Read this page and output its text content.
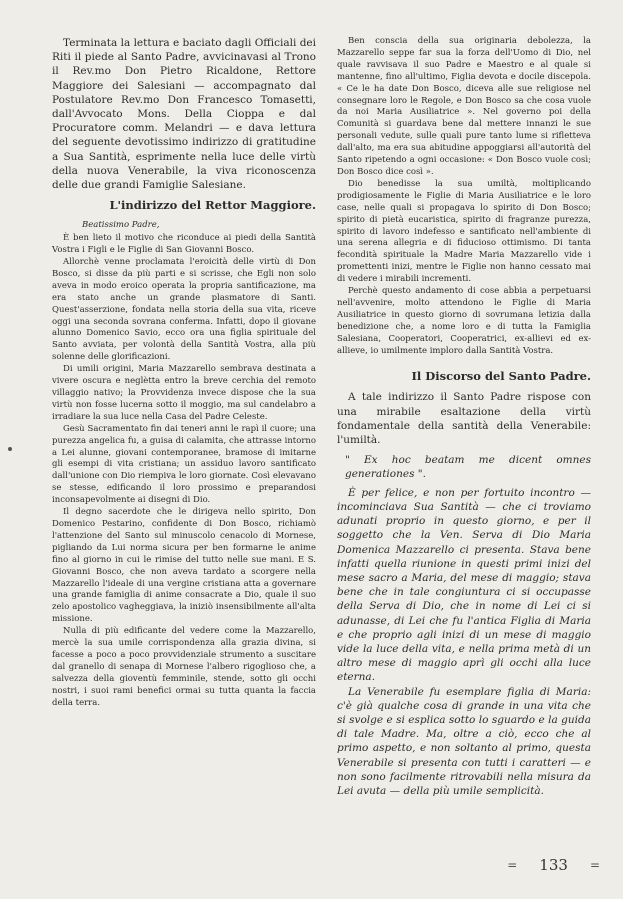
Terminata la lettura e baciato dagli Officiali dei Riti il piede al Santo Padre, avvicinavasi al Trono il Rev.mo Don Pietro Ricaldone, Rettore Maggiore dei Salesiani — accompagnato dal Postulatore Rev.mo Don Francesco Tomasetti, dall'Avvocato Mons. Della Cioppa e dal Procuratore comm. Melandri — e dava lettura del seguente devotissimo indirizzo di gratitudine a Sua Santità, esprimente nella luce delle virtù della nuova Venerabile, la viva riconoscenza delle due grandi Famiglie Salesiane.

L'indirizzo del Rettor Maggiore.
Beatissimo Padre,

È ben lieto il motivo che riconduce ai piedi della Santità Vostra i Figli e le Figlie di San Giovanni Bosco.

Allorchè venne proclamata l'eroicità delle virtù di Don Bosco, si disse da più parti e si scrisse, che Egli non solo aveva in modo eroico operata la propria santificazione, ma era stato anche un grande plasmatore di Santi. Quest'asserzione, fondata nella storia della sua vita, riceve oggi una seconda sovrana conferma. Infatti, dopo il giovane alunno Domenico Savio, ecco ora una figlia spirituale del Santo avviata, per volontà della Santità Vostra, alla più solenne delle glorificazioni.

Di umili origini, Maria Mazzarello sembrava destinata a vivere oscura e neglètta entro la breve cerchia del remoto villaggio nativo; la Provvidenza invece dispose che la sua virtù non fosse lucerna sotto il moggio, ma sul candelabro a irradiare la sua luce nella Casa del Padre Celeste.

Gesù Sacramentato fin dai teneri anni le rapì il cuore; una purezza angelica fu, a guisa di calamita, che attrasse intorno a Lei alunne, giovani contemporanee, bramose di imitarne gli esempi di vita cristiana; un assiduo lavoro santificato dall'unione con Dio riempiva le loro giornate. Così elevavano se stesse, edificando il loro prossimo e preparandosi inconsapevolmente ai disegni di Dio.

Il degno sacerdote che le dirigeva nello spirito, Don Domenico Pestarino, confidente di Don Bosco, richiamò l'attenzione del Santo sul minuscolo cenacolo di Mornese, pigliando da Lui norma sicura per ben formarne le anime fino al giorno in cui le rimise del tutto nelle sue mani. E S. Giovanni Bosco, che non aveva tardato a scorgere nella Mazzarello l'ideale di una vergine cristiana atta a governare una grande famiglia di anime consacrate a Dio, quale il suo zelo apostolico vagheggiava, la iniziò insensibilmente all'alta missione.

Nulla di più edificante del vedere come la Mazzarello, mercè la sua umile corrispondenza alla grazia divina, si facesse a poco a poco provvidenziale strumento a suscitare dal granello di senapa di Mornese l'albero rigoglioso che, a salvezza della gioventù femminile, stende, sotto gli occhi nostri, i suoi rami benefici ormai su tutta quanta la faccia della terra.

Ben conscia della sua originaria debolezza, la Mazzarello seppe far sua la forza dell'Uomo di Dio, nel quale ravvisava il suo Padre e Maestro e al quale si mantenne, fino all'ultimo, Figlia devota e docile discepola. « Ce le ha date Don Bosco, diceva alle sue religiose nel consegnare loro le Regole, e Don Bosco sa che cosa vuole da noi Maria Ausiliatrice ». Nel governo poi della Comunità si guardava bene dal mettere innanzi le sue personali vedute, sulle quali pure tanto lume si rifletteva dall'alto, ma era sua abitudine appoggiarsi all'autorità del Santo ripetendo a ogni occasione: « Don Bosco vuole così; Don Bosco dice così ».

Dio benedisse la sua umiltà, moltiplicando prodigiosamente le Figlie di Maria Ausiliatrice e le loro case, nelle quali si propagava lo spirito di Don Bosco; spirito di pietà eucaristica, spirito di fragranze purezza, spirito di lavoro indefesso e santificato nell'ambiente di una serena allegria e di fiducioso ottimismo. Di tanta fecondità spirituale la Madre Maria Mazzarello vide i promettenti inizi, mentre le Figlie non hanno cessato mai di vedere i mirabili incrementi.

Perchè questo andamento di cose abbia a perpetuarsi nell'avvenire, molto attendono le Figlie di Maria Ausiliatrice in questo giorno di sovrumana letizia dalla benedizione che, a nome loro e di tutta la Famiglia Salesiana, Cooperatori, Cooperatrici, ex-allievi ed ex-allieve, io umilmente imploro dalla Santità Vostra.

Il Discorso del Santo Padre.

A tale indirizzo il Santo Padre rispose con una mirabile esaltazione della virtù fondamentale della santità della Venerabile: l'umiltà.

" Ex hoc beatam me dicent omnes generationes ".

È per felice, e non per fortuito incontro — incominciava Sua Santità — che ci troviamo adunati proprio in questo giorno, e per il soggetto che la Ven. Serva di Dio Maria Domenica Mazzarello ci presenta. Stava bene infatti quella riunione in questi primi inizi del mese sacro a Maria, del mese di maggio; stava bene che in tale congiuntura ci si occupasse della Serva di Dio, che in nome di Lei ci si adunasse, di Lei che fu l'antica Figlia di Maria e che proprio agli inizi di un mese di maggio vide la luce della vita, e nella prima metà di un altro mese di maggio aprì gli occhi alla luce eterna.

La Venerabile fu esemplare figlia di Maria: c'è già qualche cosa di grande in una vita che si svolge e si esplica sotto lo sguardo e la guida di tale Madre. Ma, oltre a ciò, ecco che al primo aspetto, e non soltanto al primo, questa Venerabile si presenta con tutti i caratteri — e non sono facilmente ritrovabili nella misura da Lei avuta — della più umile semplicità.

= 133 =
